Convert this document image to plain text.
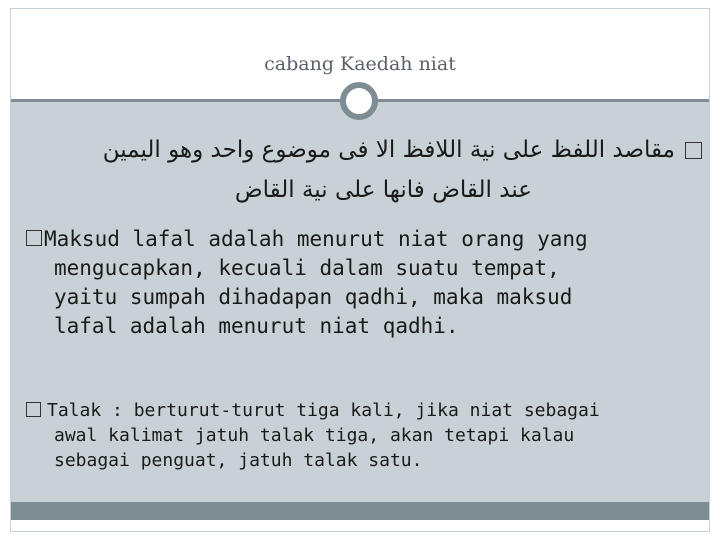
cabang Kaedah niat
مقاصد اللفظ على نية اللافظ الا فى موضوع واحد وهو اليمين
عند القاض فانها على نية القاض
Maksud lafal adalah menurut niat orang yang
mengucapkan, kecuali dalam suatu tempat,
yaitu sumpah dihadapan qadhi, maka maksud
lafal adalah menurut niat qadhi.
Talak : berturut-turut tiga kali, jika niat sebagai
awal kalimat jatuh talak tiga, akan tetapi kalau
sebagai penguat, jatuh talak satu.
